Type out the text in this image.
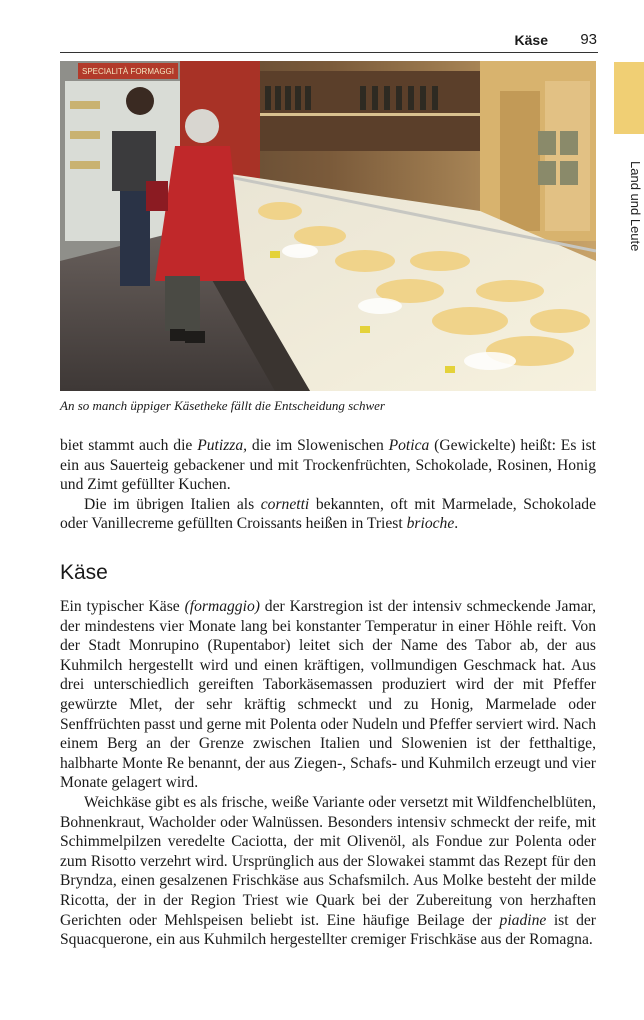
Käse 93
Land und Leute
SPECIALITÀ FORMAGGI
An so manch üppiger Käsetheke fällt die Entscheidung schwer

biet stammt auch die Putizza, die im Slowenischen Potica (Gewickelte) heißt: Es ist ein aus Sauerteig gebackener und mit Trockenfrüchten, Schokolade, Rosinen, Honig und Zimt gefüllter Kuchen.

Die im übrigen Italien als cornetti bekannten, oft mit Marmelade, Schokolade oder Vanillecreme gefüllten Croissants heißen in Triest brioche.

Käse

Ein typischer Käse (formaggio) der Karstregion ist der intensiv schmeckende Jamar, der mindestens vier Monate lang bei konstanter Temperatur in einer Höhle reift. Von der Stadt Monrupino (Rupentabor) leitet sich der Name des Tabor ab, der aus Kuhmilch hergestellt wird und einen kräftigen, vollmundigen Geschmack hat. Aus drei unterschiedlich gereiften Taborkäsemassen produziert wird der mit Pfeffer gewürzte Mlet, der sehr kräftig schmeckt und zu Honig, Marmelade oder Senffrüchten passt und gerne mit Polenta oder Nudeln und Pfeffer serviert wird. Nach einem Berg an der Grenze zwischen Italien und Slowenien ist der fetthaltige, halbharte Monte Re benannt, der aus Ziegen-, Schafs- und Kuhmilch erzeugt und vier Monate gelagert wird.

Weichkäse gibt es als frische, weiße Variante oder versetzt mit Wildfenchelblüten, Bohnenkraut, Wacholder oder Walnüssen. Besonders intensiv schmeckt der reife, mit Schimmelpilzen veredelte Caciotta, der mit Olivenöl, als Fondue zur Polenta oder zum Risotto verzehrt wird. Ursprünglich aus der Slowakei stammt das Rezept für den Bryndza, einen gesalzenen Frischkäse aus Schafsmilch. Aus Molke besteht der milde Ricotta, der in der Region Triest wie Quark bei der Zubereitung von herzhaften Gerichten oder Mehlspeisen beliebt ist. Eine häufige Beilage der piadine ist der Squacquerone, ein aus Kuhmilch hergestellter cremiger Frischkäse aus der Romagna.
